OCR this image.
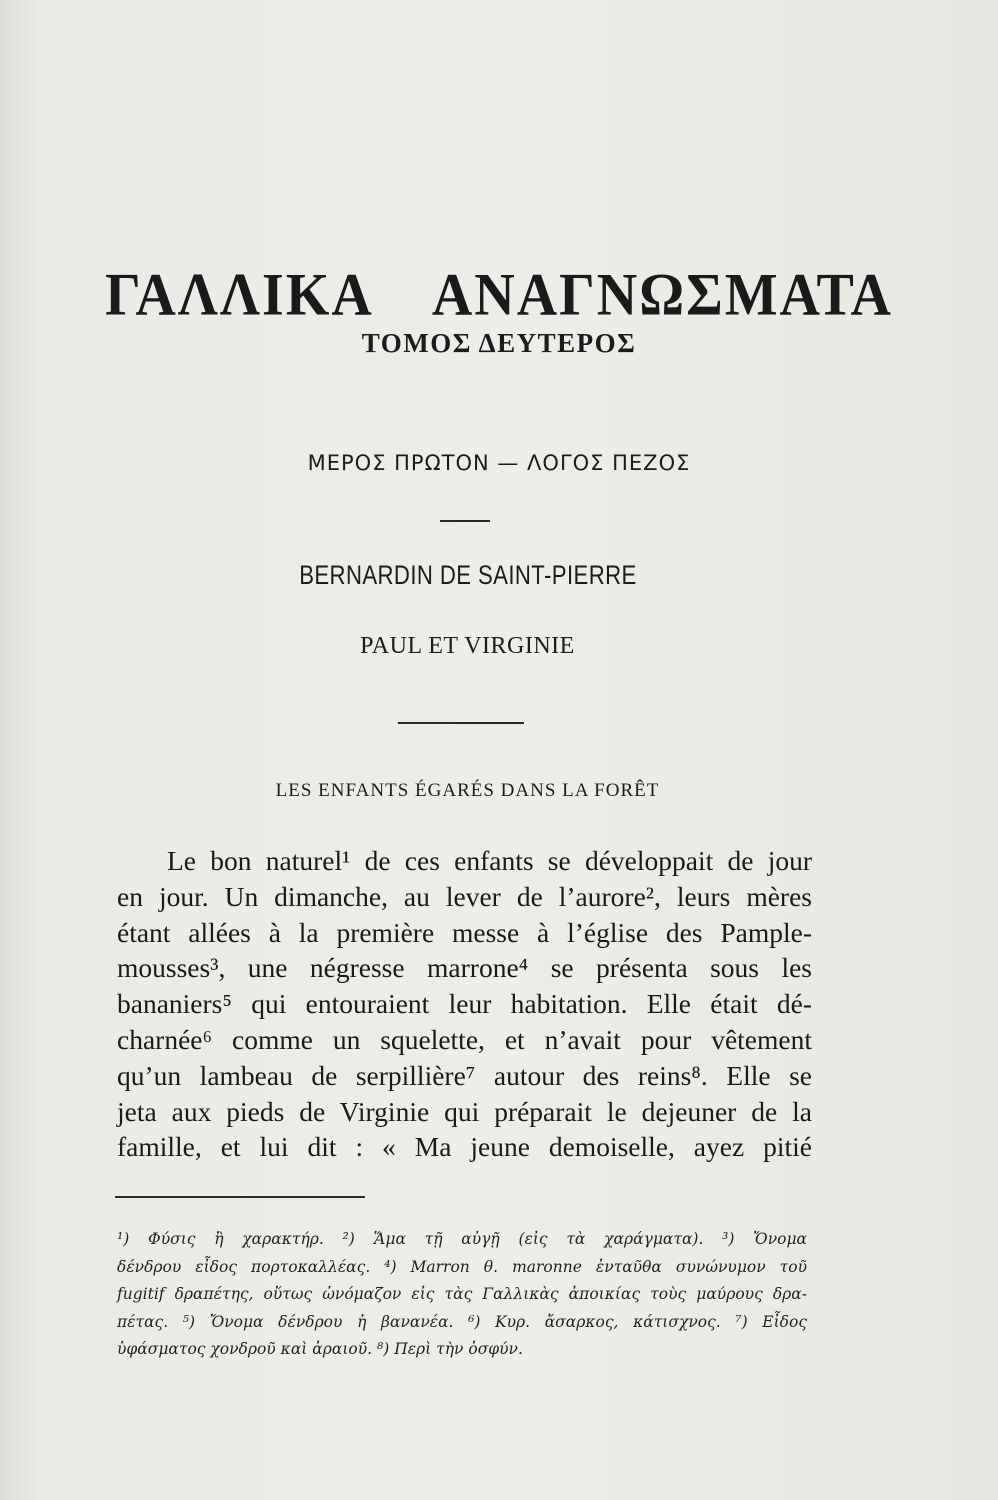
ΓΑΛΛΙΚΑ ΑΝΑΓΝΩΣΜΑΤΑ
ΤΟΜΟΣ ΔΕΥΤΕΡΟΣ
ΜΕΡΟΣ ΠΡΩΤΟΝ — ΛΟΓΟΣ ΠΕΖΟΣ
BERNARDIN DE SAINT-PIERRE
PAUL ET VIRGINIE
LES ENFANTS ÉGARÉS DANS LA FORÊT
Le bon naturel¹ de ces enfants se développait de jour
en jour. Un dimanche, au lever de l’aurore², leurs mères
étant allées à la première messe à l’église des Pample-
mousses³, une négresse marrone⁴ se présenta sous les
bananiers⁵ qui entouraient leur habitation. Elle était dé-
charnée⁶ comme un squelette, et n’avait pour vêtement
qu’un lambeau de serpillière⁷ autour des reins⁸. Elle se
jeta aux pieds de Virginie qui préparait le dejeuner de la
famille, et lui dit : « Ma jeune demoiselle, ayez pitié
¹) Φύσις ἢ χαρακτήρ. ²) Ἅμα τῇ αὐγῇ (εἰς τὰ χαράγματα). ³) Ὄνομα
δένδρου εἶδος πορτοκαλλέας. ⁴) Marron θ. maronne ἐνταῦθα συνώνυμον τοῦ
fugitif δραπέτης, οὕτως ὠνόμαζον εἰς τὰς Γαλλικὰς ἀποικίας τοὺς μαύρους δρα-
πέτας. ⁵) Ὄνομα δένδρου ἡ βανανέα. ⁶) Κυρ. ἄσαρκος, κάτισχνος. ⁷) Εἶδος
ὑφάσματος χονδροῦ καὶ ἀραιοῦ. ⁸) Περὶ τὴν ὀσφύν.
